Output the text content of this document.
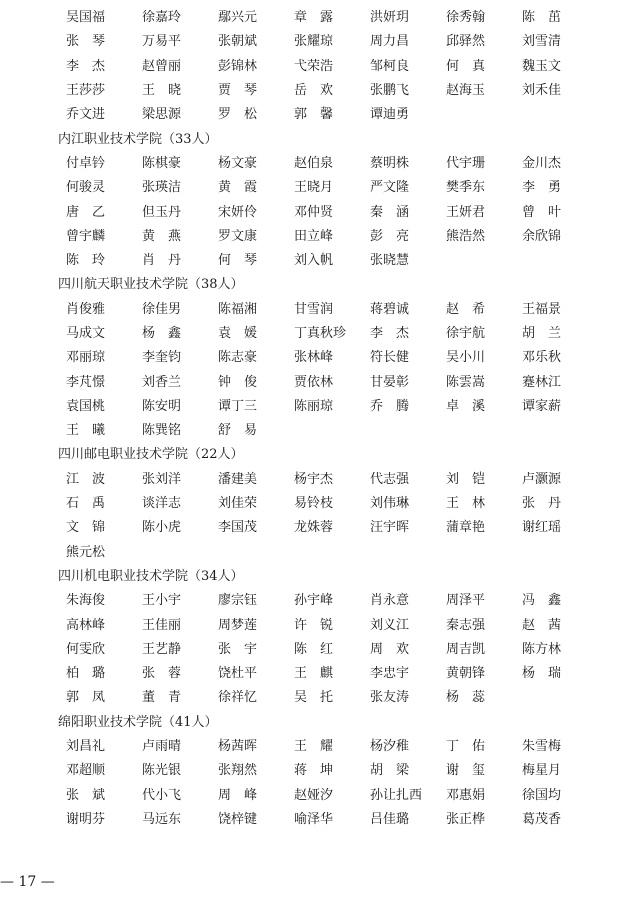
吴国福	徐嘉玲	鄢兴元	章　露	洪妍玥	徐秀翰	陈　茁
张　琴	万易平	张朝斌	张耀琼	周力昌	邱驿然	刘雪清
李　杰	赵曾丽	彭锦林	弋荣浩	邹柯良	何　真	魏玉文
王莎莎	王　晓	贾　琴	岳　欢	张鹏飞	赵海玉	刘禾佳
乔文进	梁思源	罗　松	郭　馨	谭迪勇
内江职业技术学院（33人）
付卓钤	陈棋豪	杨文豪	赵伯泉	蔡明株	代宇珊	金川杰
何骏灵	张瑛洁	黄　霞	王晓月	严文隆	樊季东	李　勇
唐　乙	但玉丹	宋妍伶	邓仲贤	秦　涵	王妍君	曾　叶
曾宇麟	黄　燕	罗文康	田立峰	彭　亮	熊浩然	余欣锦
陈　玲	肖　丹	何　琴	刘入帆	张晓慧
四川航天职业技术学院（38人）
肖俊雅	徐佳男	陈福湘	甘雪润	蒋碧诚	赵　希	王福景
马成文	杨　鑫	袁　媛	丁真秋珍	李　杰	徐宇航	胡　兰
邓丽琼	李奎钧	陈志豪	张林峰	符长健	吴小川	邓乐秋
李芃憬	刘香兰	钟　俊	贾依林	甘晏彰	陈雲嵩	蹇林江
袁国桃	陈安明	谭丁三	陈丽琼	乔　腾	卓　溪	谭家薪
王　曦	陈巽铭	舒　易
四川邮电职业技术学院（22人）
江　波	张刘洋	潘建美	杨宇杰	代志强	刘　铠	卢灏源
石　禹	谈洋志	刘佳荣	易铃枝	刘伟琳	王　林	张　丹
文　锦	陈小虎	李国茂	龙姝蓉	汪宇晖	蒲章艳	谢红瑶
熊元松
四川机电职业技术学院（34人）
朱海俊	王小宇	廖宗钰	孙宇峰	肖永意	周泽平	冯　鑫
高林峰	王佳丽	周梦莲	许　锐	刘义江	秦志强	赵　茜
何雯欣	王艺静	张　宇	陈　红	周　欢	周吉凯	陈方林
柏　璐	张　蓉	饶杜平	王　麒	李忠宇	黄朝锋	杨　瑞
郭　凤	董　青	徐祥忆	吴　托	张友涛	杨　蕊
绵阳职业技术学院（41人）
刘昌礼	卢雨晴	杨茜晖	王　耀	杨汐稚	丁　佑	朱雪梅
邓超顺	陈光银	张翔然	蒋　坤	胡　梁	谢　玺	梅星月
张　斌	代小飞	周　峰	赵娅汐	孙让扎西	邓惠娟	徐国均
谢明芬	马远东	饶梓键	喻泽华	吕佳璐	张正桦	葛茂香
— 17 —
